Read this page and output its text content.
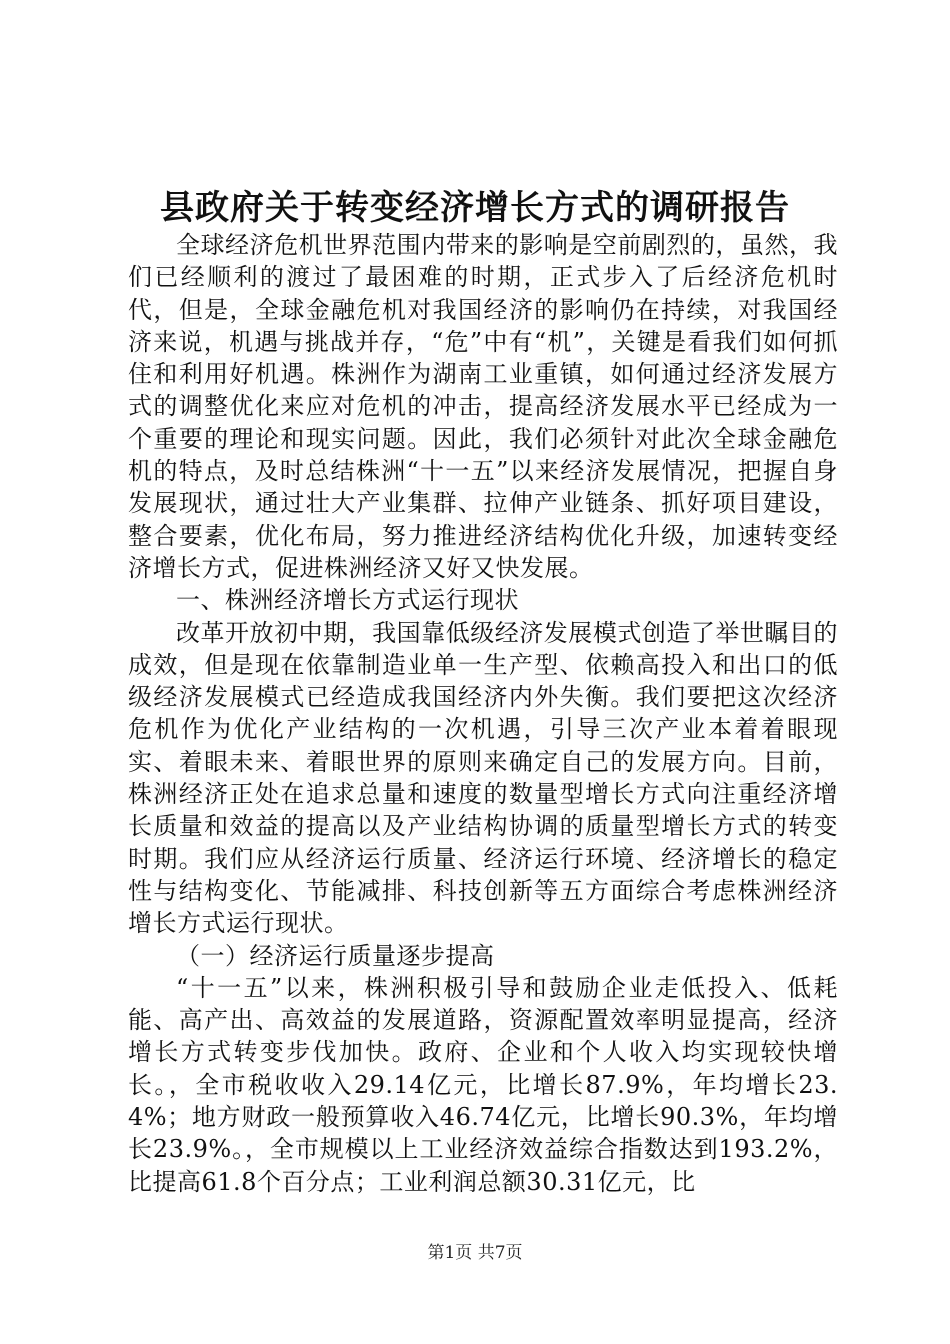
县政府关于转变经济增长方式的调研报告

全球经济危机世界范围内带来的影响是空前剧烈的，虽然，我们已经顺利的渡过了最困难的时期，正式步入了后经济危机时代，但是，全球金融危机对我国经济的影响仍在持续，对我国经济来说，机遇与挑战并存，“危”中有“机”，关键是看我们如何抓住和利用好机遇。株洲作为湖南工业重镇，如何通过经济发展方式的调整优化来应对危机的冲击，提高经济发展水平已经成为一个重要的理论和现实问题。因此，我们必须针对此次全球金融危机的特点，及时总结株洲“十一五”以来经济发展情况，把握自身发展现状，通过壮大产业集群、拉伸产业链条、抓好项目建设，整合要素，优化布局，努力推进经济结构优化升级，加速转变经济增长方式，促进株洲经济又好又快发展。

一、株洲经济增长方式运行现状

改革开放初中期，我国靠低级经济发展模式创造了举世瞩目的成效，但是现在依靠制造业单一生产型、依赖高投入和出口的低级经济发展模式已经造成我国经济内外失衡。我们要把这次经济危机作为优化产业结构的一次机遇，引导三次产业本着着眼现实、着眼未来、着眼世界的原则来确定自己的发展方向。目前，株洲经济正处在追求总量和速度的数量型增长方式向注重经济增长质量和效益的提高以及产业结构协调的质量型增长方式的转变时期。我们应从经济运行质量、经济运行环境、经济增长的稳定性与结构变化、节能减排、科技创新等五方面综合考虑株洲经济增长方式运行现状。

（一）经济运行质量逐步提高

“十一五”以来，株洲积极引导和鼓励企业走低投入、低耗能、高产出、高效益的发展道路，资源配置效率明显提高，经济增长方式转变步伐加快。政府、企业和个人收入均实现较快增长。，全市税收收入29.14亿元，比增长87.9%，年均增长23.4%；地方财政一般预算收入46.74亿元，比增长90.3%，年均增长23.9%。，全市规模以上工业经济效益综合指数达到193.2%，比提高61.8个百分点；工业利润总额30.31亿元，比

第1页 共7页
